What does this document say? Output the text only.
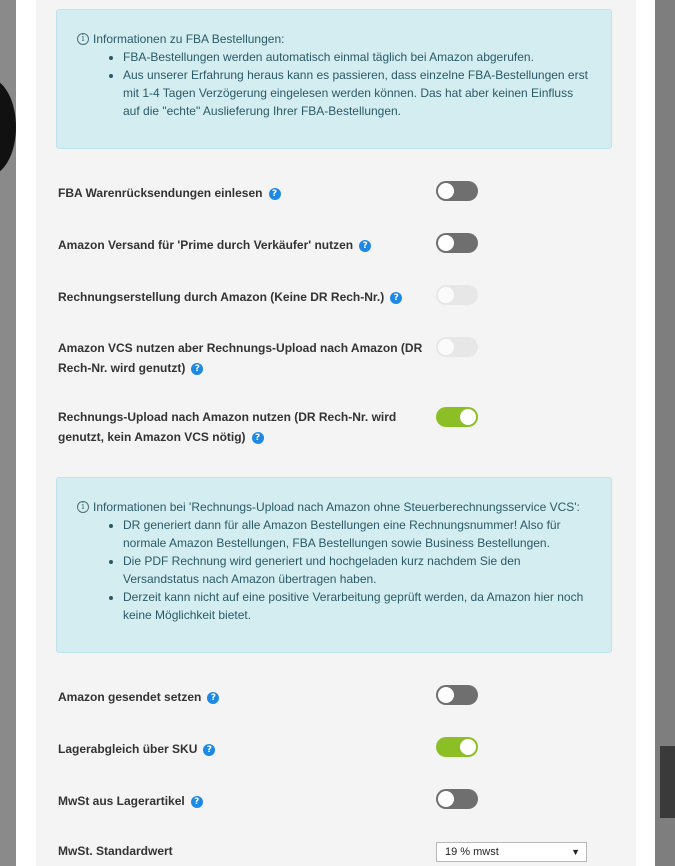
i Informationen zu FBA Bestellungen:
• FBA-Bestellungen werden automatisch einmal täglich bei Amazon abgerufen.
• Aus unserer Erfahrung heraus kann es passieren, dass einzelne FBA-Bestellungen erst mit 1-4 Tagen Verzögerung eingelesen werden können. Das hat aber keinen Einfluss auf die "echte" Auslieferung Ihrer FBA-Bestellungen.
FBA Warenrücksendungen einlesen ?
Amazon Versand für 'Prime durch Verkäufer' nutzen ?
Rechnungserstellung durch Amazon (Keine DR Rech-Nr.) ?
Amazon VCS nutzen aber Rechnungs-Upload nach Amazon (DR Rech-Nr. wird genutzt) ?
Rechnungs-Upload nach Amazon nutzen (DR Rech-Nr. wird genutzt, kein Amazon VCS nötig) ?
i Informationen bei 'Rechnungs-Upload nach Amazon ohne Steuerberechnungsservice VCS':
• DR generiert dann für alle Amazon Bestellungen eine Rechnungsnummer! Also für normale Amazon Bestellungen, FBA Bestellungen sowie Business Bestellungen.
• Die PDF Rechnung wird generiert und hochgeladen kurz nachdem Sie den Versandstatus nach Amazon übertragen haben.
• Derzeit kann nicht auf eine positive Verarbeitung geprüft werden, da Amazon hier noch keine Möglichkeit bietet.
Amazon gesendet setzen ?
Lagerabgleich über SKU ?
MwSt aus Lagerartikel ?
MwSt. Standardwert	19 % mwst	▼
